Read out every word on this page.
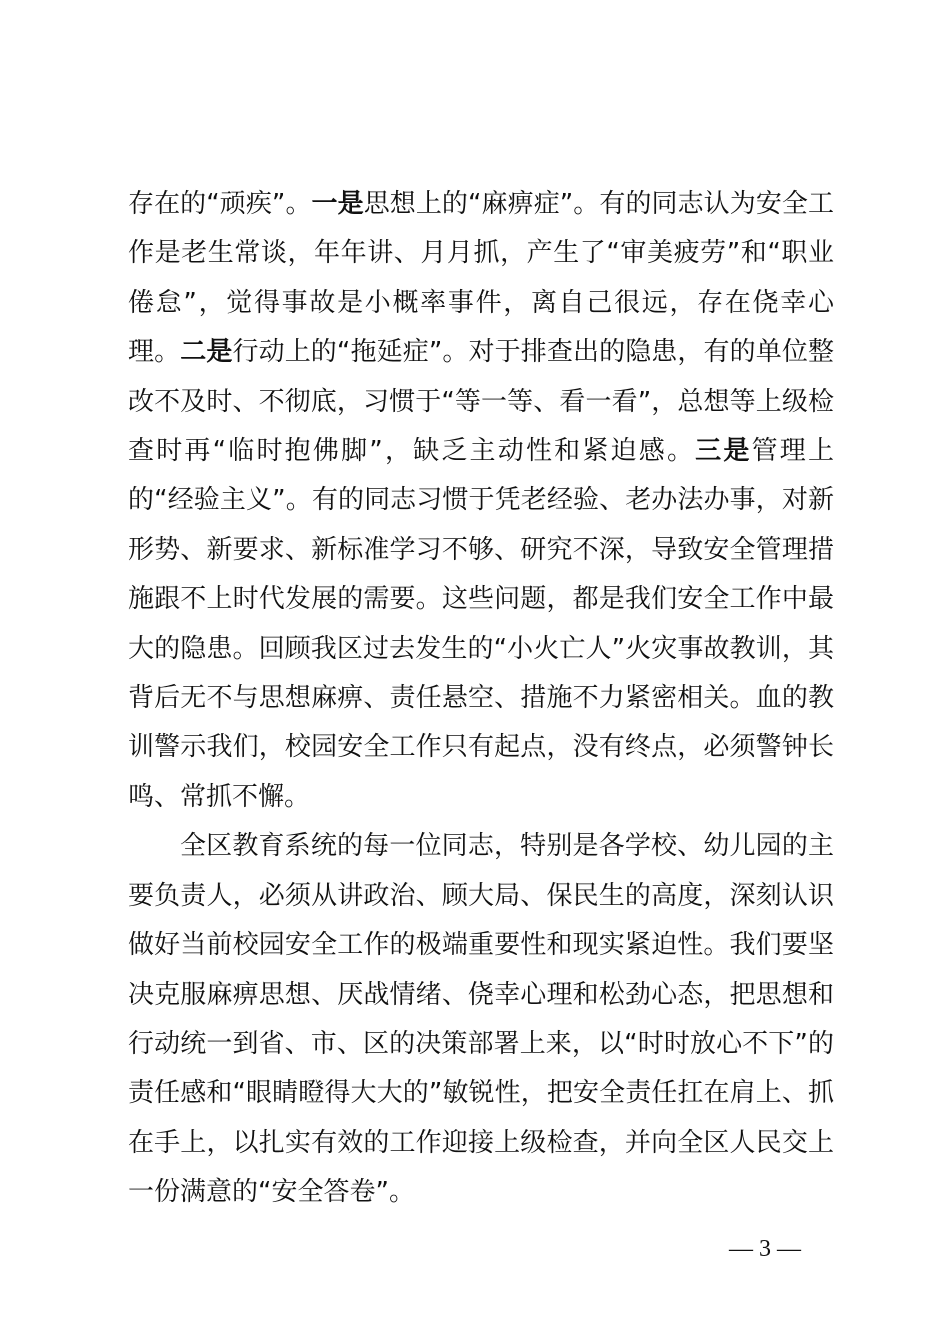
存在的“顽疾”。一是思想上的“麻痹症”。有的同志认为安全工作是老生常谈，年年讲、月月抓，产生了“审美疲劳”和“职业倦怠”，觉得事故是小概率事件，离自己很远，存在侥幸心理。二是行动上的“拖延症”。对于排查出的隐患，有的单位整改不及时、不彻底，习惯于“等一等、看一看”，总想等上级检查时再“临时抱佛脚”，缺乏主动性和紧迫感。三是管理上的“经验主义”。有的同志习惯于凭老经验、老办法办事，对新形势、新要求、新标准学习不够、研究不深，导致安全管理措施跟不上时代发展的需要。这些问题，都是我们安全工作中最大的隐患。回顾我区过去发生的“小火亡人”火灾事故教训，其背后无不与思想麻痹、责任悬空、措施不力紧密相关。血的教训警示我们，校园安全工作只有起点，没有终点，必须警钟长鸣、常抓不懈。

全区教育系统的每一位同志，特别是各学校、幼儿园的主要负责人，必须从讲政治、顾大局、保民生的高度，深刻认识做好当前校园安全工作的极端重要性和现实紧迫性。我们要坚决克服麻痹思想、厌战情绪、侥幸心理和松劲心态，把思想和行动统一到省、市、区的决策部署上来，以“时时放心不下”的责任感和“眼睛瞪得大大的”敏锐性，把安全责任扛在肩上、抓在手上，以扎实有效的工作迎接上级检查，并向全区人民交上一份满意的“安全答卷”。

— 3 —
